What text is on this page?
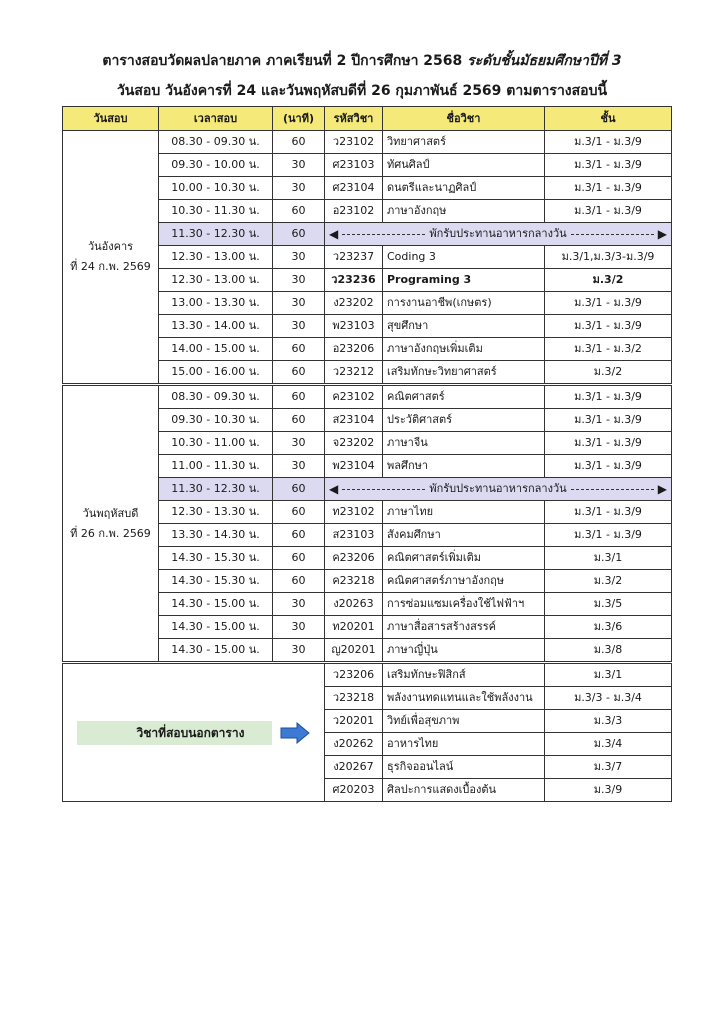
ตารางสอบวัดผลปลายภาค ภาคเรียนที่ 2 ปีการศึกษา 2568 ระดับชั้นมัธยมศึกษาปีที่ 3
วันสอบ วันอังคารที่ 24 และวันพฤหัสบดีที่ 26 กุมภาพันธ์ 2569 ตามตารางสอบนี้
วันสอบ	เวลาสอบ	(นาที)	รหัสวิชา	ชื่อวิชา	ชั้น

วันอังคาร
ที่ 24 ก.พ. 2569	08.30 - 09.30 น.	60	ว23102	วิทยาศาสตร์	ม.3/1 - ม.3/9
	09.30 - 10.00 น.	30	ศ23103	ทัศนศิลป์	ม.3/1 - ม.3/9
	10.00 - 10.30 น.	30	ศ23104	ดนตรีและนาฏศิลป์	ม.3/1 - ม.3/9
	10.30 - 11.30 น.	60	อ23102	ภาษาอังกฤษ	ม.3/1 - ม.3/9
	11.30 - 12.30 น.	60	◀ พักรับประทานอาหารกลางวัน ▶		

	12.30 - 13.00 น.	30	ว23237	Coding 3	ม.3/1,ม.3/3-ม.3/9
	12.30 - 13.00 น.	30	ว23236	Programing 3	ม.3/2
	13.00 - 13.30 น.	30	ง23202	การงานอาชีพ(เกษตร)	ม.3/1 - ม.3/9
	13.30 - 14.00 น.	30	พ23103	สุขศึกษา	ม.3/1 - ม.3/9
	14.00 - 15.00 น.	60	อ23206	ภาษาอังกฤษเพิ่มเติม	ม.3/1 - ม.3/2
	15.00 - 16.00 น.	60	ว23212	เสริมทักษะวิทยาศาสตร์	ม.3/2

วันพฤหัสบดี
ที่ 26 ก.พ. 2569	08.30 - 09.30 น.	60	ค23102	คณิตศาสตร์	ม.3/1 - ม.3/9
	09.30 - 10.30 น.	60	ส23104	ประวัติศาสตร์	ม.3/1 - ม.3/9
	10.30 - 11.00 น.	30	จ23202	ภาษาจีน	ม.3/1 - ม.3/9
	11.00 - 11.30 น.	30	พ23104	พลศึกษา	ม.3/1 - ม.3/9
	11.30 - 12.30 น.	60	◀ พักรับประทานอาหารกลางวัน ▶		

	12.30 - 13.30 น.	60	ท23102	ภาษาไทย	ม.3/1 - ม.3/9
	13.30 - 14.30 น.	60	ส23103	สังคมศึกษา	ม.3/1 - ม.3/9
	14.30 - 15.30 น.	60	ค23206	คณิตศาสตร์เพิ่มเติม	ม.3/1
	14.30 - 15.30 น.	60	ค23218	คณิตศาสตร์ภาษาอังกฤษ	ม.3/2
	14.30 - 15.00 น.	30	ง20263	การซ่อมแซมเครื่องใช้ไฟฟ้าฯ	ม.3/5
	14.30 - 15.00 น.	30	ท20201	ภาษาสื่อสารสร้างสรรค์	ม.3/6
	14.30 - 15.00 น.	30	ญ20201	ภาษาญี่ปุ่น	ม.3/8

วิชาที่สอบนอกตาราง			ว23206	เสริมทักษะฟิสิกส์	ม.3/1
			ว23218	พลังงานทดแทนและใช้พลังงาน	ม.3/3 - ม.3/4
			ว20201	วิทย์เพื่อสุขภาพ	ม.3/3
			ง20262	อาหารไทย	ม.3/4
			ง20267	ธุรกิจออนไลน์	ม.3/7
			ศ20203	ศิลปะการแสดงเบื้องต้น	ม.3/9
